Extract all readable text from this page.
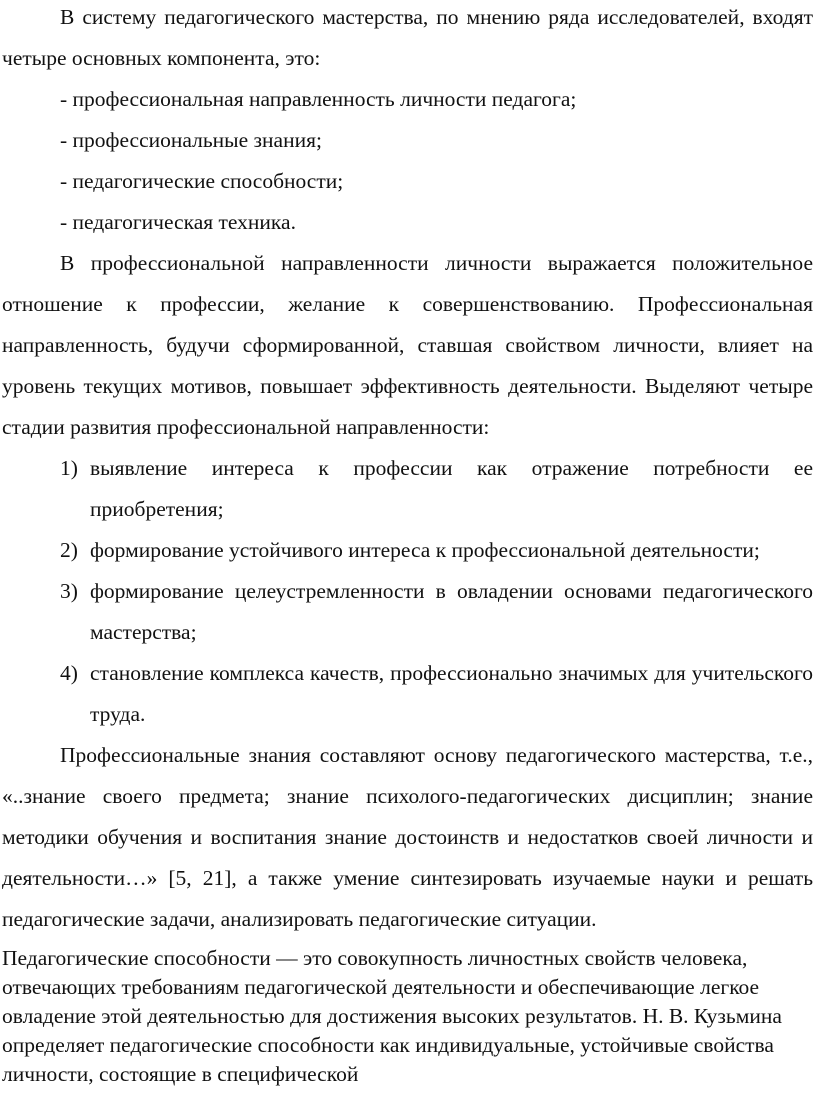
В систему педагогического мастерства, по мнению ряда исследователей, входят четыре основных компонента, это:

- профессиональная направленность личности педагога;

- профессиональные знания;

- педагогические способности;

- педагогическая техника.

В профессиональной направленности личности выражается положительное отношение к профессии, желание к совершенствованию. Профессиональная направленность, будучи сформированной, ставшая свойством личности, влияет на уровень текущих мотивов, повышает эффективность деятельности. Выделяют четыре стадии развития профессиональной направленности:

1) выявление интереса к профессии как отражение потребности ее приобретения;
2) формирование устойчивого интереса к профессиональной деятельности;
3) формирование целеустремленности в овладении основами педагогического мастерства;
4) становление комплекса качеств, профессионально значимых для учительского труда.

Профессиональные знания составляют основу педагогического мастерства, т.е., «..знание своего предмета; знание психолого-педагогических дисциплин; знание методики обучения и воспитания знание достоинств и недостатков своей личности и деятельности…» [5, 21], а также умение синтезировать изучаемые науки и решать педагогические задачи, анализировать педагогические ситуации.

Педагогические способности — это совокупность личностных свойств человека, отвечающих требованиям педагогической деятельности и обеспечивающие легкое овладение этой деятельностью для достижения высоких результатов. Н. В. Кузьмина определяет педагогические способности как индивидуальные, устойчивые свойства личности, состоящие в специфической
